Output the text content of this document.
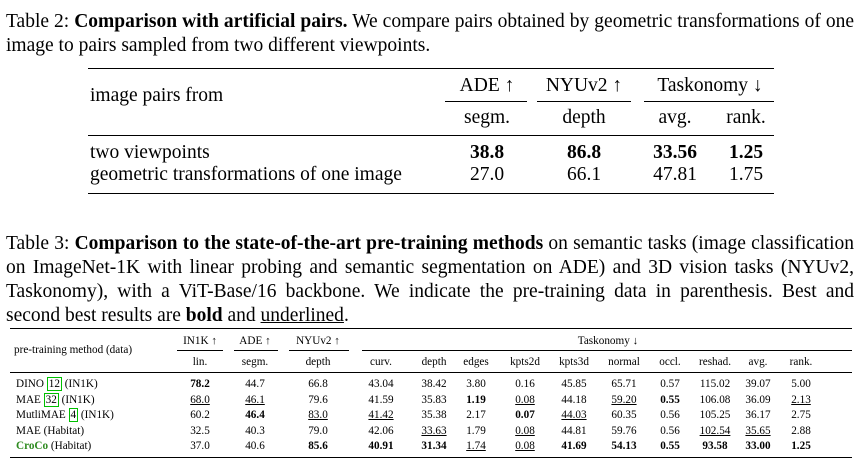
Table 2: Comparison with artificial pairs. We compare pairs obtained by geometric transformations of one image to pairs sampled from two different viewpoints.
image pairs from	ADE ↑ NYUv2 ↑ Taskonomy ↓
segm.	depth	avg. rank.
two viewpoints	38.8	86.8	33.56 1.25
geometric transformations of one image	27.0	66.1	47.81 1.75
Table 3: Comparison to the state-of-the-art pre-training methods on semantic tasks (image classification on ImageNet-1K with linear probing and semantic segmentation on ADE) and 3D vision tasks (NYUv2, Taskonomy), with a ViT-Base/16 backbone. We indicate the pre-training data in parenthesis. Best and second best results are bold and underlined.
pre-training method (data)
IN1K ↑ ADE ↑ NYUv2 ↑	Taskonomy ↓
lin.	segm.	depth	curv.	depth edges kpts2d kpts3d normal occl. reshad. avg. rank.
DINO 12 (IN1K)	78.2	44.7	66.8	43.04 38.42 3.80	0.16 45.85 65.71 0.57 115.02 39.07 5.00
MAE 32 (IN1K)	68.0	46.1	79.6	41.59 35.83 1.19	0.08 44.18 59.20 0.55 106.08 36.09 2.13
MutliMAE 4 (IN1K)	60.2	46.4	83.0	41.42 35.38 2.17	0.07 44.03 60.35 0.56 105.25 36.17 2.75
MAE (Habitat)	32.5	40.3	79.0	42.06 33.63 1.79	0.08 44.81 59.76 0.56 102.54 35.65 2.88
CroCo (Habitat)	37.0	40.6	85.6	40.91 31.34 1.74	0.08 41.69 54.13 0.55 93.58 33.00 1.25
